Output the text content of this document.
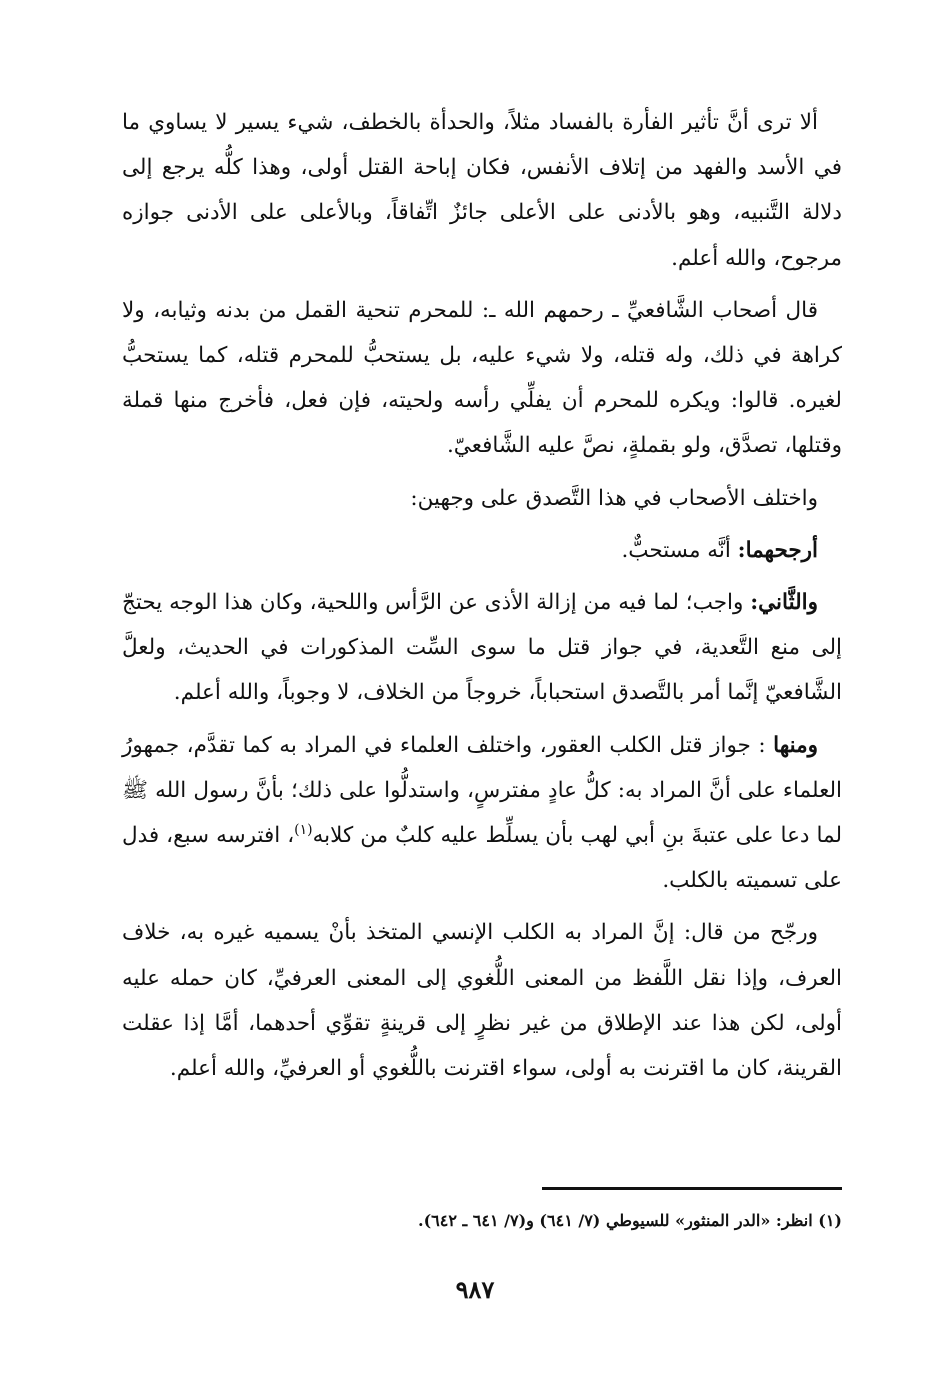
ألا ترى أنَّ تأثير الفأرة بالفساد مثلاً، والحدأة بالخطف، شيء يسير لا يساوي ما في الأسد والفهد من إتلاف الأنفس، فكان إباحة القتل أولى، وهذا كلُّه يرجع إلى دلالة التَّنبيه، وهو بالأدنى على الأعلى جائزٌ اتِّفاقاً، وبالأعلى على الأدنى جوازه مرجوح، والله أعلم.

قال أصحاب الشَّافعيِّ ـ رحمهم الله ـ: للمحرم تنحية القمل من بدنه وثيابه، ولا كراهة في ذلك، وله قتله، ولا شيء عليه، بل يستحبُّ للمحرم قتله، كما يستحبُّ لغيره. قالوا: ويكره للمحرم أن يفلِّي رأسه ولحيته، فإن فعل، فأخرج منها قملة وقتلها، تصدَّق، ولو بقملةٍ، نصَّ عليه الشَّافعيّ.

واختلف الأصحاب في هذا التَّصدق على وجهين:

أرجحهما: أنَّه مستحبٌّ.

والثَّاني: واجب؛ لما فيه من إزالة الأذى عن الرَّأس واللحية، وكان هذا الوجه يحتجّ إلى منع التَّعدية، في جواز قتل ما سوى السِّت المذكورات في الحديث، ولعلَّ الشَّافعيّ إنَّما أمر بالتَّصدق استحباباً، خروجاً من الخلاف، لا وجوباً، والله أعلم.

ومنها : جواز قتل الكلب العقور، واختلف العلماء في المراد به كما تقدَّم، جمهورُ العلماء على أنَّ المراد به: كلُّ عادٍ مفترسٍ، واستدلُّوا على ذلك؛ بأنَّ رسول الله ﷺ لما دعا على عتبةَ بنِ أبي لهب بأن يسلِّط عليه كلبٌ من كلابه$^{(١)}$، افترسه سبع، فدل على تسميته بالكلب.

ورجّح من قال: إنَّ المراد به الكلب الإنسي المتخذ بأنْ يسميه غيره به، خلاف العرف، وإذا نقل اللَّفظ من المعنى اللُّغوي إلى المعنى العرفيِّ، كان حمله عليه أولى، لكن هذا عند الإطلاق من غير نظرٍ إلى قرينةٍ تقوِّي أحدهما، أمَّا إذا عقلت القرينة، كان ما اقترنت به أولى، سواء اقترنت باللُّغوي أو العرفيِّ، والله أعلم.

(١) انظر: «الدر المنثور» للسيوطي (٧/ ٦٤١) و(٧/ ٦٤١ ـ ٦٤٢).
٩٨٧
